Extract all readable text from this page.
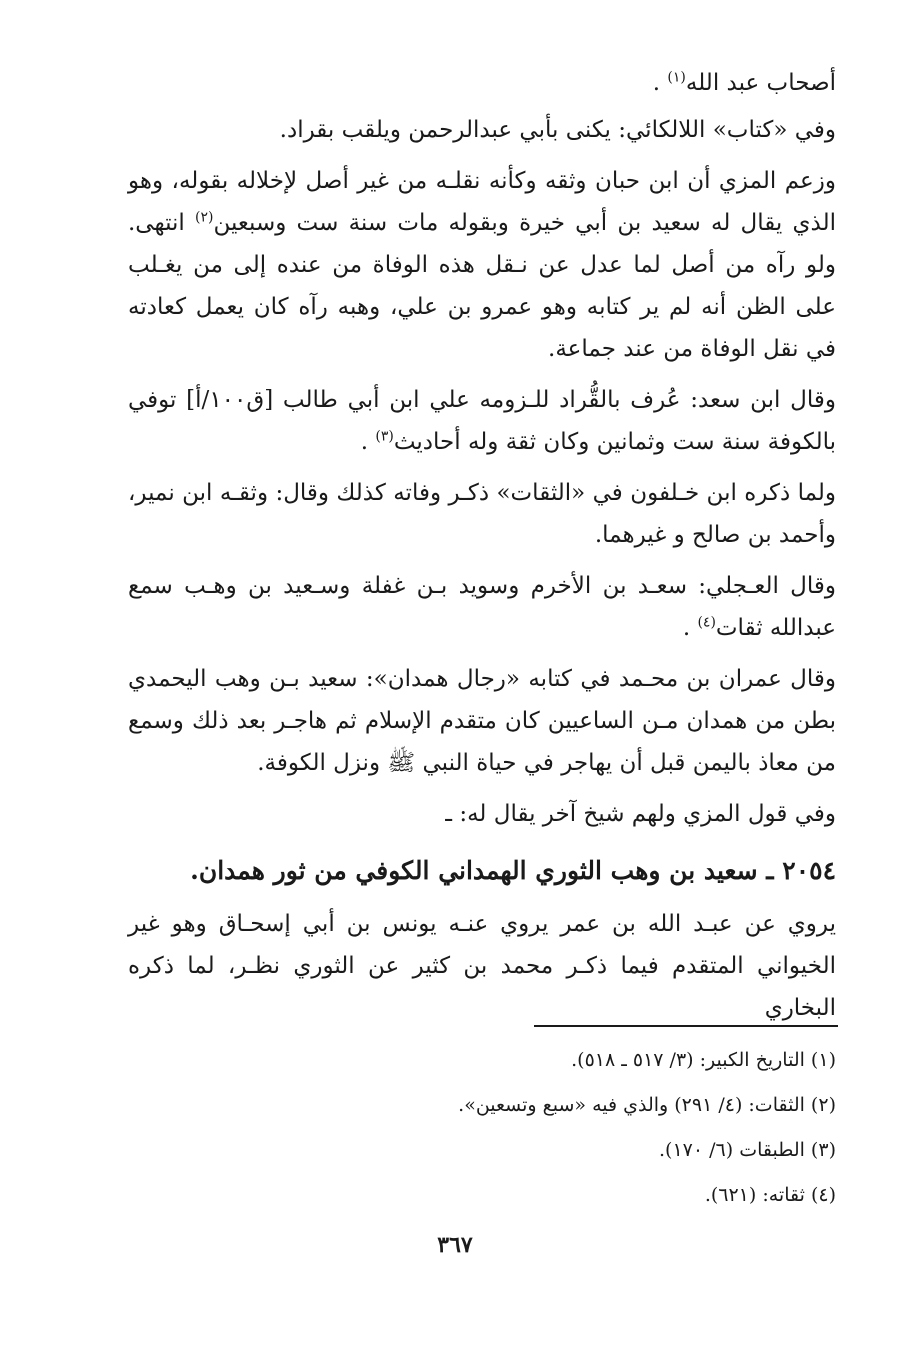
أصحاب عبد الله$^{(١)}$ .

وفي «كتاب» اللالكائي: يكنى بأبي عبدالرحمن ويلقب بقراد.

وزعم المزي أن ابن حبان وثقه وكأنه نقلـه من غير أصل لإخلاله بقوله، وهو الذي يقال له سعيد بن أبي خيرة وبقوله مات سنة ست وسبعين$^{(٢)}$ انتهى. ولو رآه من أصل لما عدل عن نـقل هذه الوفاة من عنده إلى من يغـلب على الظن أنه لم ير كتابه وهو عمرو بن علي، وهبه رآه كان يعمل كعادته في نقل الوفاة من عند جماعة.

وقال ابن سعد: عُرف بالقُّراد للـزومه علي ابن أبي طالب [ق١٠٠/أ] توفي بالكوفة سنة ست وثمانين وكان ثقة وله أحاديث$^{(٣)}$ .

ولما ذكره ابن خـلفون في «الثقات» ذكـر وفاته كذلك وقال: وثقـه ابن نمير، وأحمد بن صالح و غيرهما.

وقال العـجلي: سعـد بن الأخرم وسويد بـن غفلة وسـعيد بن وهـب سمع عبدالله ثقات$^{(٤)}$ .

وقال عمران بن محـمد في كتابه «رجال همدان»: سعيد بـن وهب اليحمدي بطن من همدان مـن الساعيين كان متقدم الإسلام ثم هاجـر بعد ذلك وسمع من معاذ باليمن قبل أن يهاجر في حياة النبي ﷺ ونزل الكوفة.

وفي قول المزي ولهم شيخ آخر يقال له: ـ

٢٠٥٤ ـ سعيد بن وهب الثوري الهمداني الكوفي من ثور همدان.

يروي عن عبـد الله بن عمر يروي عنـه يونس بن أبي إسحـاق وهو غير الخيواني المتقدم فيما ذكـر محمد بن كثير عن الثوري نظـر، لما ذكره البخاري

(١) التاريخ الكبير: (٣/ ٥١٧ ـ ٥١٨).

(٢) الثقات: (٤/ ٢٩١) والذي فيه «سبع وتسعين».

(٣) الطبقات (٦/ ١٧٠).

(٤) ثقاته: (٦٢١).

٣٦٧
